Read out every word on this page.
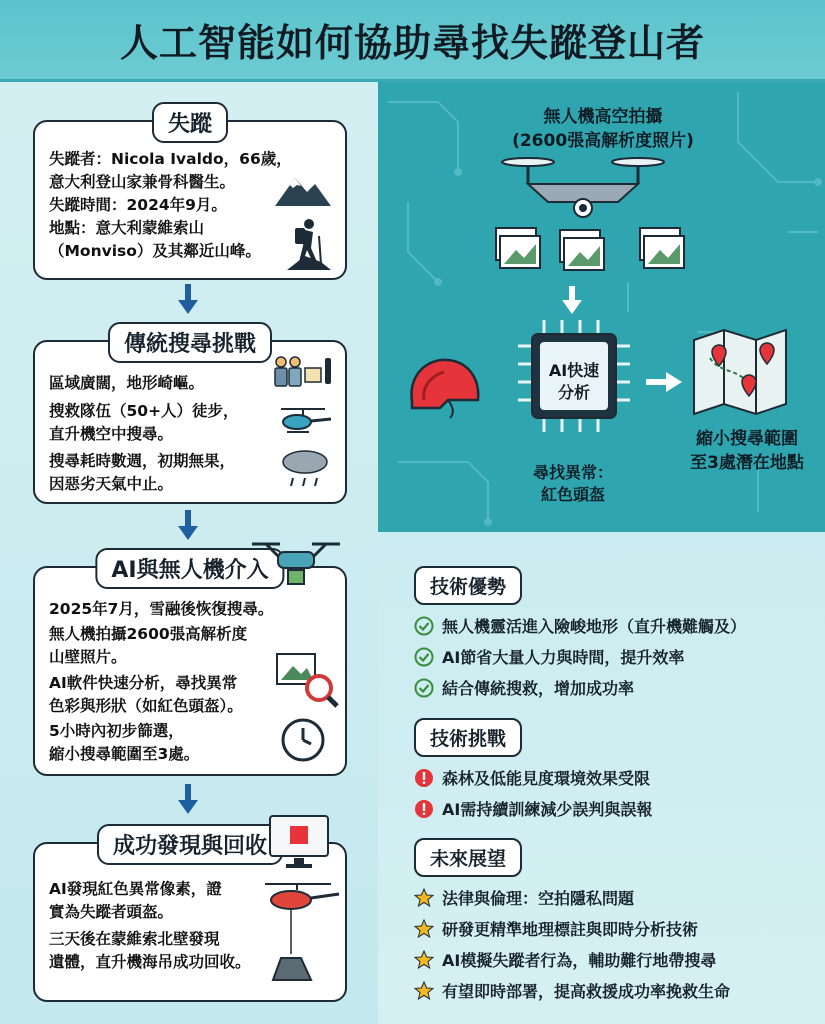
人工智能如何協助尋找失蹤登山者
失蹤

失蹤者：Nicola Ivaldo，66歲，

意大利登山家兼骨科醫生。

失蹤時間：2024年9月。

地點：意大利蒙維索山

（Monviso）及其鄰近山峰。

傳統搜尋挑戰

區域廣闊，地形崎嶇。

搜救隊伍（50+人）徒步，

直升機空中搜尋。

搜尋耗時數週，初期無果，

因惡劣天氣中止。

AI與無人機介入

2025年7月，雪融後恢復搜尋。

無人機拍攝2600張高解析度

山壁照片。

AI軟件快速分析，尋找異常

色彩與形狀（如紅色頭盔）。

5小時內初步篩選，

縮小搜尋範圍至3處。

成功發現與回收

AI發現紅色異常像素，證

實為失蹤者頭盔。

三天後在蒙維索北壁發現

遺體，直升機海吊成功回收。

無人機高空拍攝
(2600張高解析度照片)
AI快速
分析
尋找異常：
紅色頭盔
縮小搜尋範圍
至3處潛在地點
技術優勢
無人機靈活進入險峻地形（直升機難觸及）
AI節省大量人力與時間，提升效率
結合傳統搜救，增加成功率
技術挑戰
森林及低能見度環境效果受限
AI需持續訓練減少誤判與誤報
未來展望
法律與倫理：空拍隱私問題
研發更精準地理標註與即時分析技術
AI模擬失蹤者行為，輔助難行地帶搜尋
有望即時部署，提高救援成功率挽救生命
